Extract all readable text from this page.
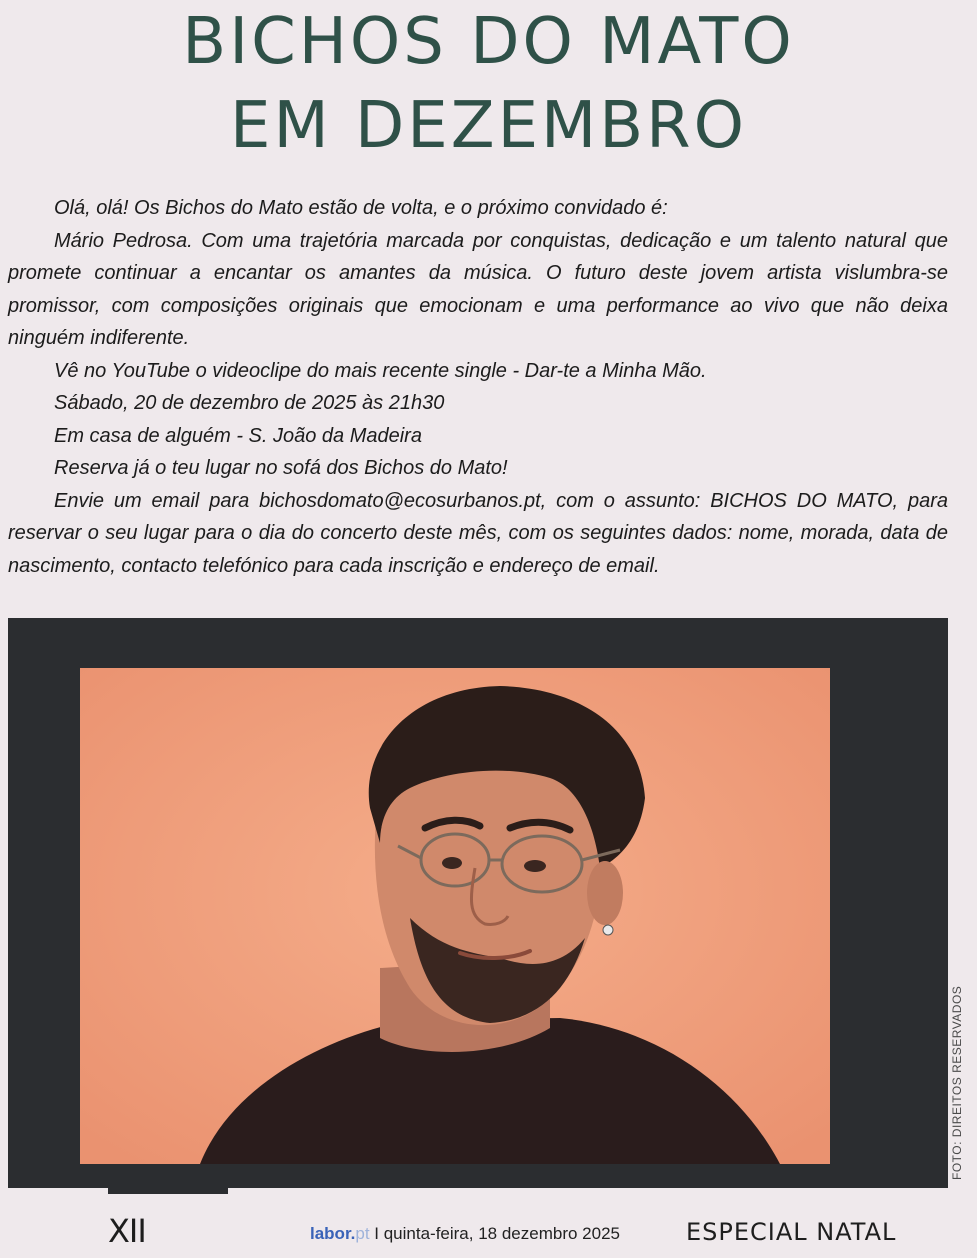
BICHOS DO MATO
EM DEZEMBRO

Olá, olá! Os Bichos do Mato estão de volta, e o próximo convidado é:

Mário Pedrosa. Com uma trajetória marcada por conquistas, dedicação e um talento natural que promete continuar a encantar os amantes da música. O futuro deste jovem artista vislumbra-se promissor, com composições originais que emocionam e uma performance ao vivo que não deixa ninguém indiferente.

Vê no YouTube o videoclipe do mais recente single - Dar-te a Minha Mão.

Sábado, 20 de dezembro de 2025 às 21h30

Em casa de alguém - S. João da Madeira

Reserva já o teu lugar no sofá dos Bichos do Mato!

Envie um email para bichosdomato@ecosurbanos.pt, com o assunto: BICHOS DO MATO, para reservar o seu lugar para o dia do concerto deste mês, com os seguintes dados: nome, morada, data de nascimento, contacto telefónico para cada inscrição e endereço de email.

FOTO: DIREITOS RESERVADOS
XII	labor.pt I quinta-feira, 18 dezembro 2025	ESPECIAL NATAL
